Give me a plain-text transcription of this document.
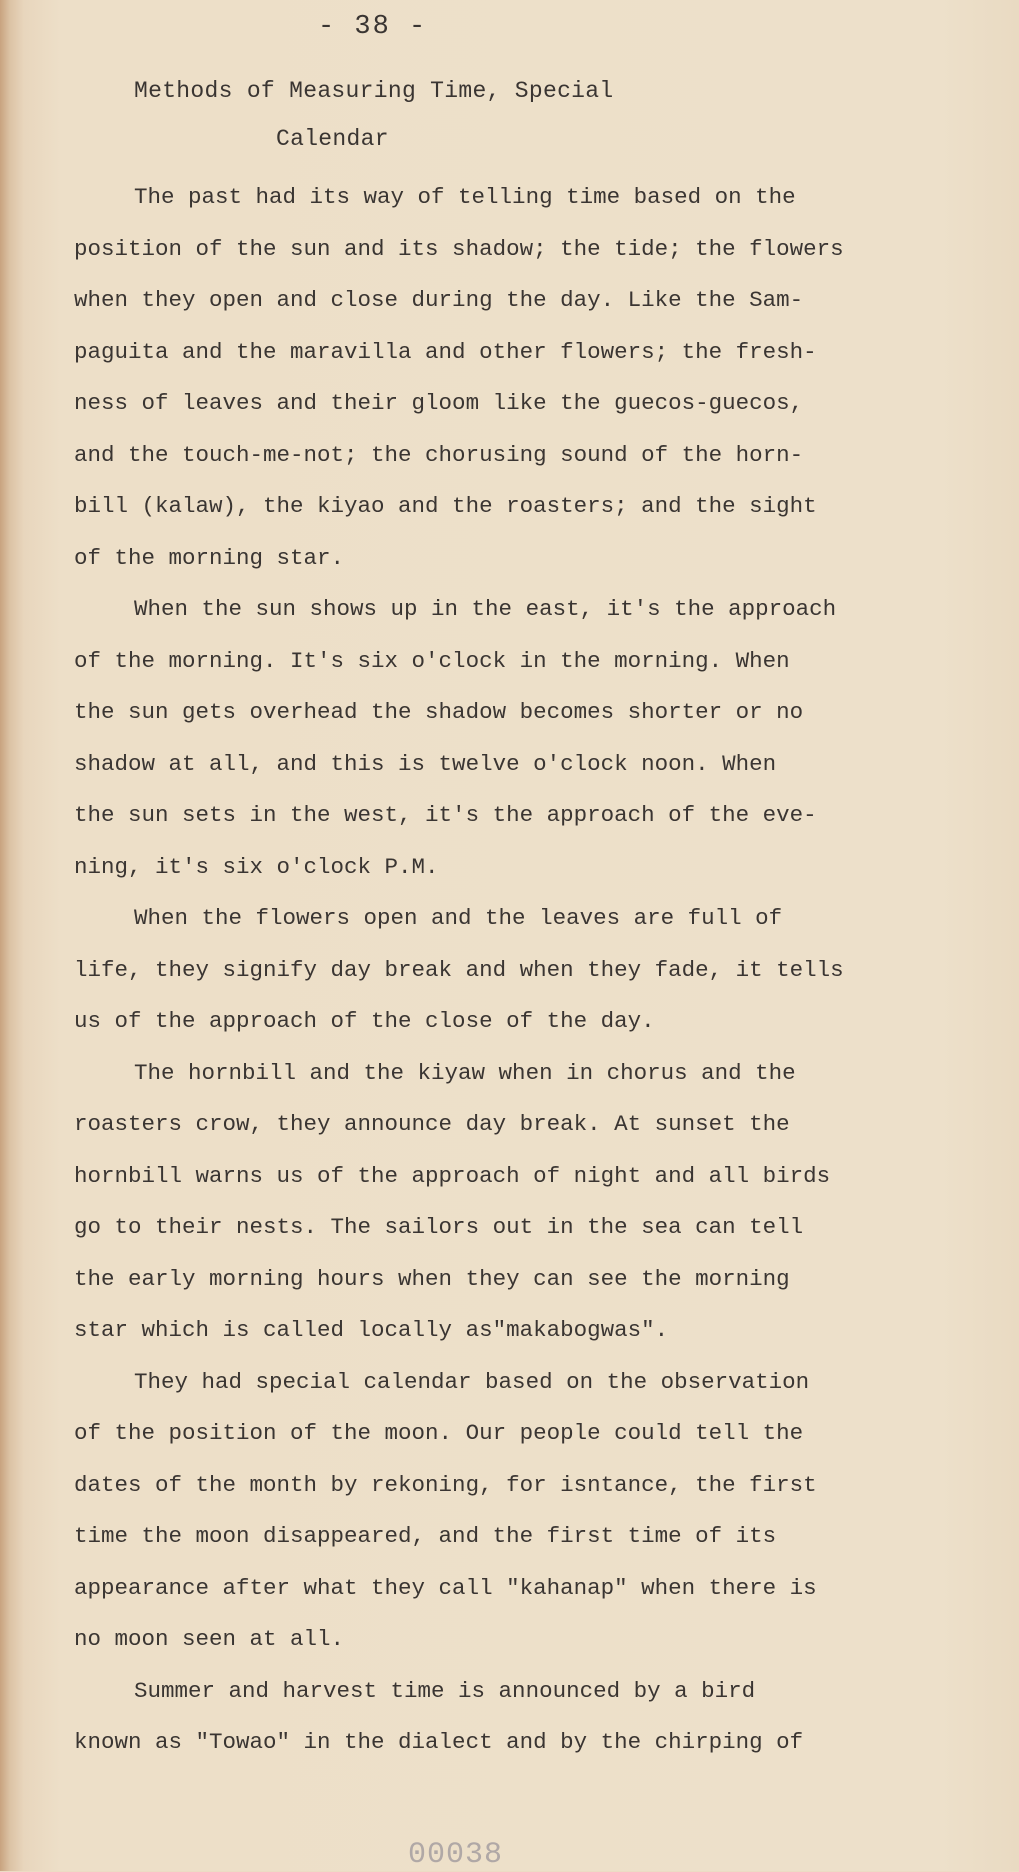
- 38 -
Methods of Measuring Time, Special
Calendar
The past had its way of telling time based on the
position of the sun and its shadow; the tide; the flowers
when they open and close during the day. Like the Sam-
paguita and the maravilla and other flowers; the fresh-
ness of leaves and their gloom like the guecos-guecos,
and the touch-me-not; the chorusing sound of the horn-
bill (kalaw), the kiyao and the roasters; and the sight
of the morning star.
When the sun shows up in the east, it's the approach
of the morning. It's six o'clock in the morning. When
the sun gets overhead the shadow becomes shorter or no
shadow at all, and this is twelve o'clock noon. When
the sun sets in the west, it's the approach of the eve-
ning, it's six o'clock P.M.
When the flowers open and the leaves are full of
life, they signify day break and when they fade, it tells
us of the approach of the close of the day.
The hornbill and the kiyaw when in chorus and the
roasters crow, they announce day break. At sunset the
hornbill warns us of the approach of night and all birds
go to their nests. The sailors out in the sea can tell
the early morning hours when they can see the morning
star which is called locally as"makabogwas".
They had special calendar based on the observation
of the position of the moon. Our people could tell the
dates of the month by rekoning, for isntance, the first
time the moon disappeared, and the first time of its
appearance after what they call "kahanap" when there is
no moon seen at all.
Summer and harvest time is announced by a bird
known as "Towao" in the dialect and by the chirping of
00038
